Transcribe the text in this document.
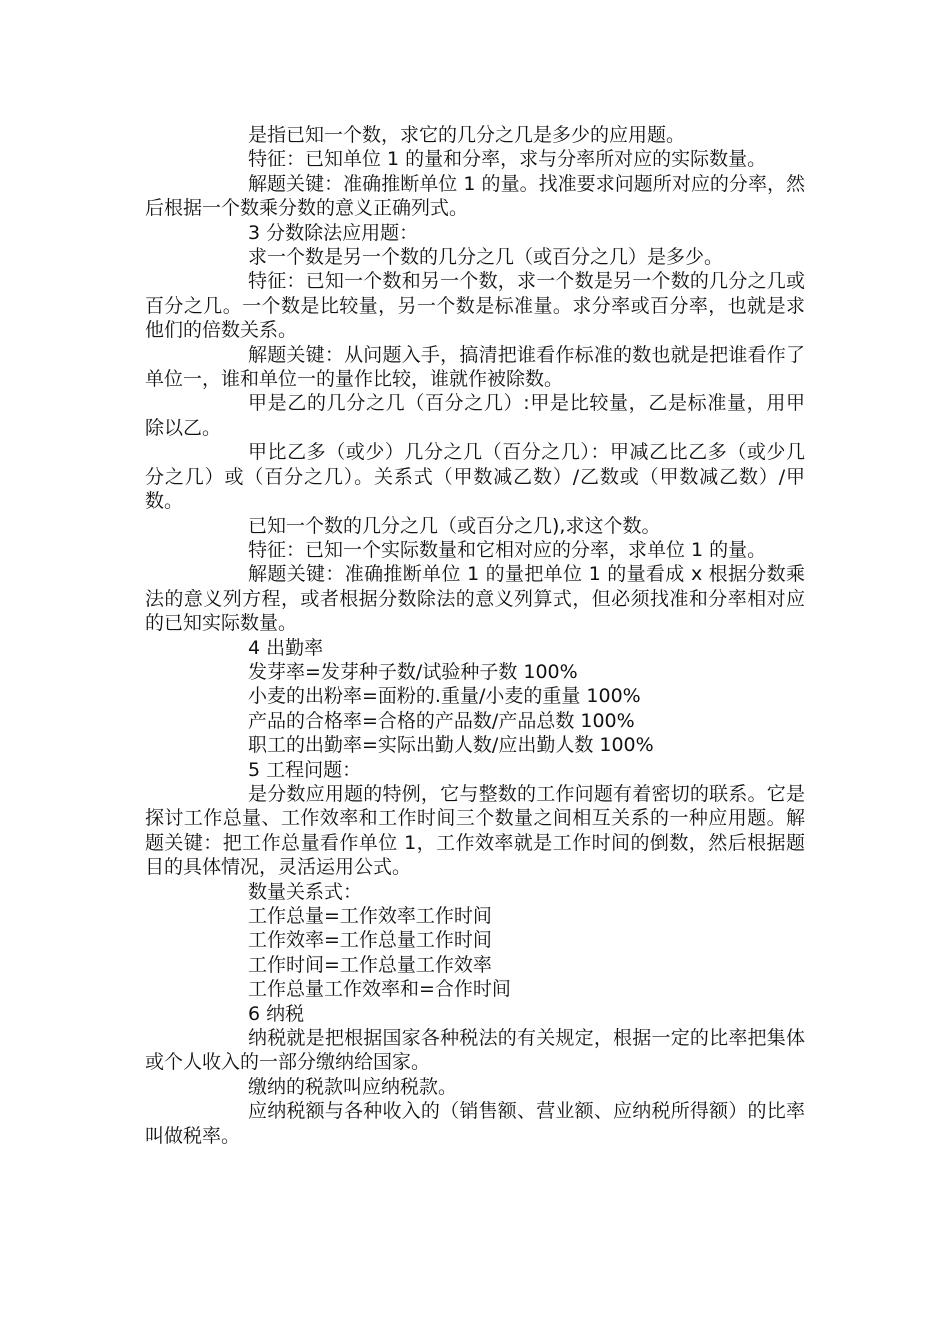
是指已知一个数，求它的几分之几是多少的应用题。

特征：已知单位 1 的量和分率，求与分率所对应的实际数量。

解题关键：准确推断单位 1 的量。找准要求问题所对应的分率，然后根据一个数乘分数的意义正确列式。

3 分数除法应用题：

求一个数是另一个数的几分之几（或百分之几）是多少。

特征：已知一个数和另一个数，求一个数是另一个数的几分之几或百分之几。一个数是比较量，另一个数是标准量。求分率或百分率，也就是求他们的倍数关系。

解题关键：从问题入手，搞清把谁看作标准的数也就是把谁看作了单位一，谁和单位一的量作比较，谁就作被除数。

甲是乙的几分之几（百分之几）:甲是比较量，乙是标准量，用甲除以乙。

甲比乙多（或少）几分之几（百分之几）：甲减乙比乙多（或少几分之几）或（百分之几）。关系式（甲数减乙数）/乙数或（甲数减乙数）/甲数。

已知一个数的几分之几（或百分之几),求这个数。

特征：已知一个实际数量和它相对应的分率，求单位 1 的量。

解题关键：准确推断单位 1 的量把单位 1 的量看成 x 根据分数乘法的意义列方程，或者根据分数除法的意义列算式，但必须找准和分率相对应的已知实际数量。

4 出勤率

发芽率=发芽种子数/试验种子数 100%

小麦的出粉率=面粉的.重量/小麦的重量 100%

产品的合格率=合格的产品数/产品总数 100%

职工的出勤率=实际出勤人数/应出勤人数 100%

5 工程问题：

是分数应用题的特例，它与整数的工作问题有着密切的联系。它是探讨工作总量、工作效率和工作时间三个数量之间相互关系的一种应用题。解题关键：把工作总量看作单位 1，工作效率就是工作时间的倒数，然后根据题目的具体情况，灵活运用公式。

数量关系式：

工作总量=工作效率工作时间

工作效率=工作总量工作时间

工作时间=工作总量工作效率

工作总量工作效率和=合作时间

6 纳税

纳税就是把根据国家各种税法的有关规定，根据一定的比率把集体或个人收入的一部分缴纳给国家。

缴纳的税款叫应纳税款。

应纳税额与各种收入的（销售额、营业额、应纳税所得额）的比率叫做税率。
